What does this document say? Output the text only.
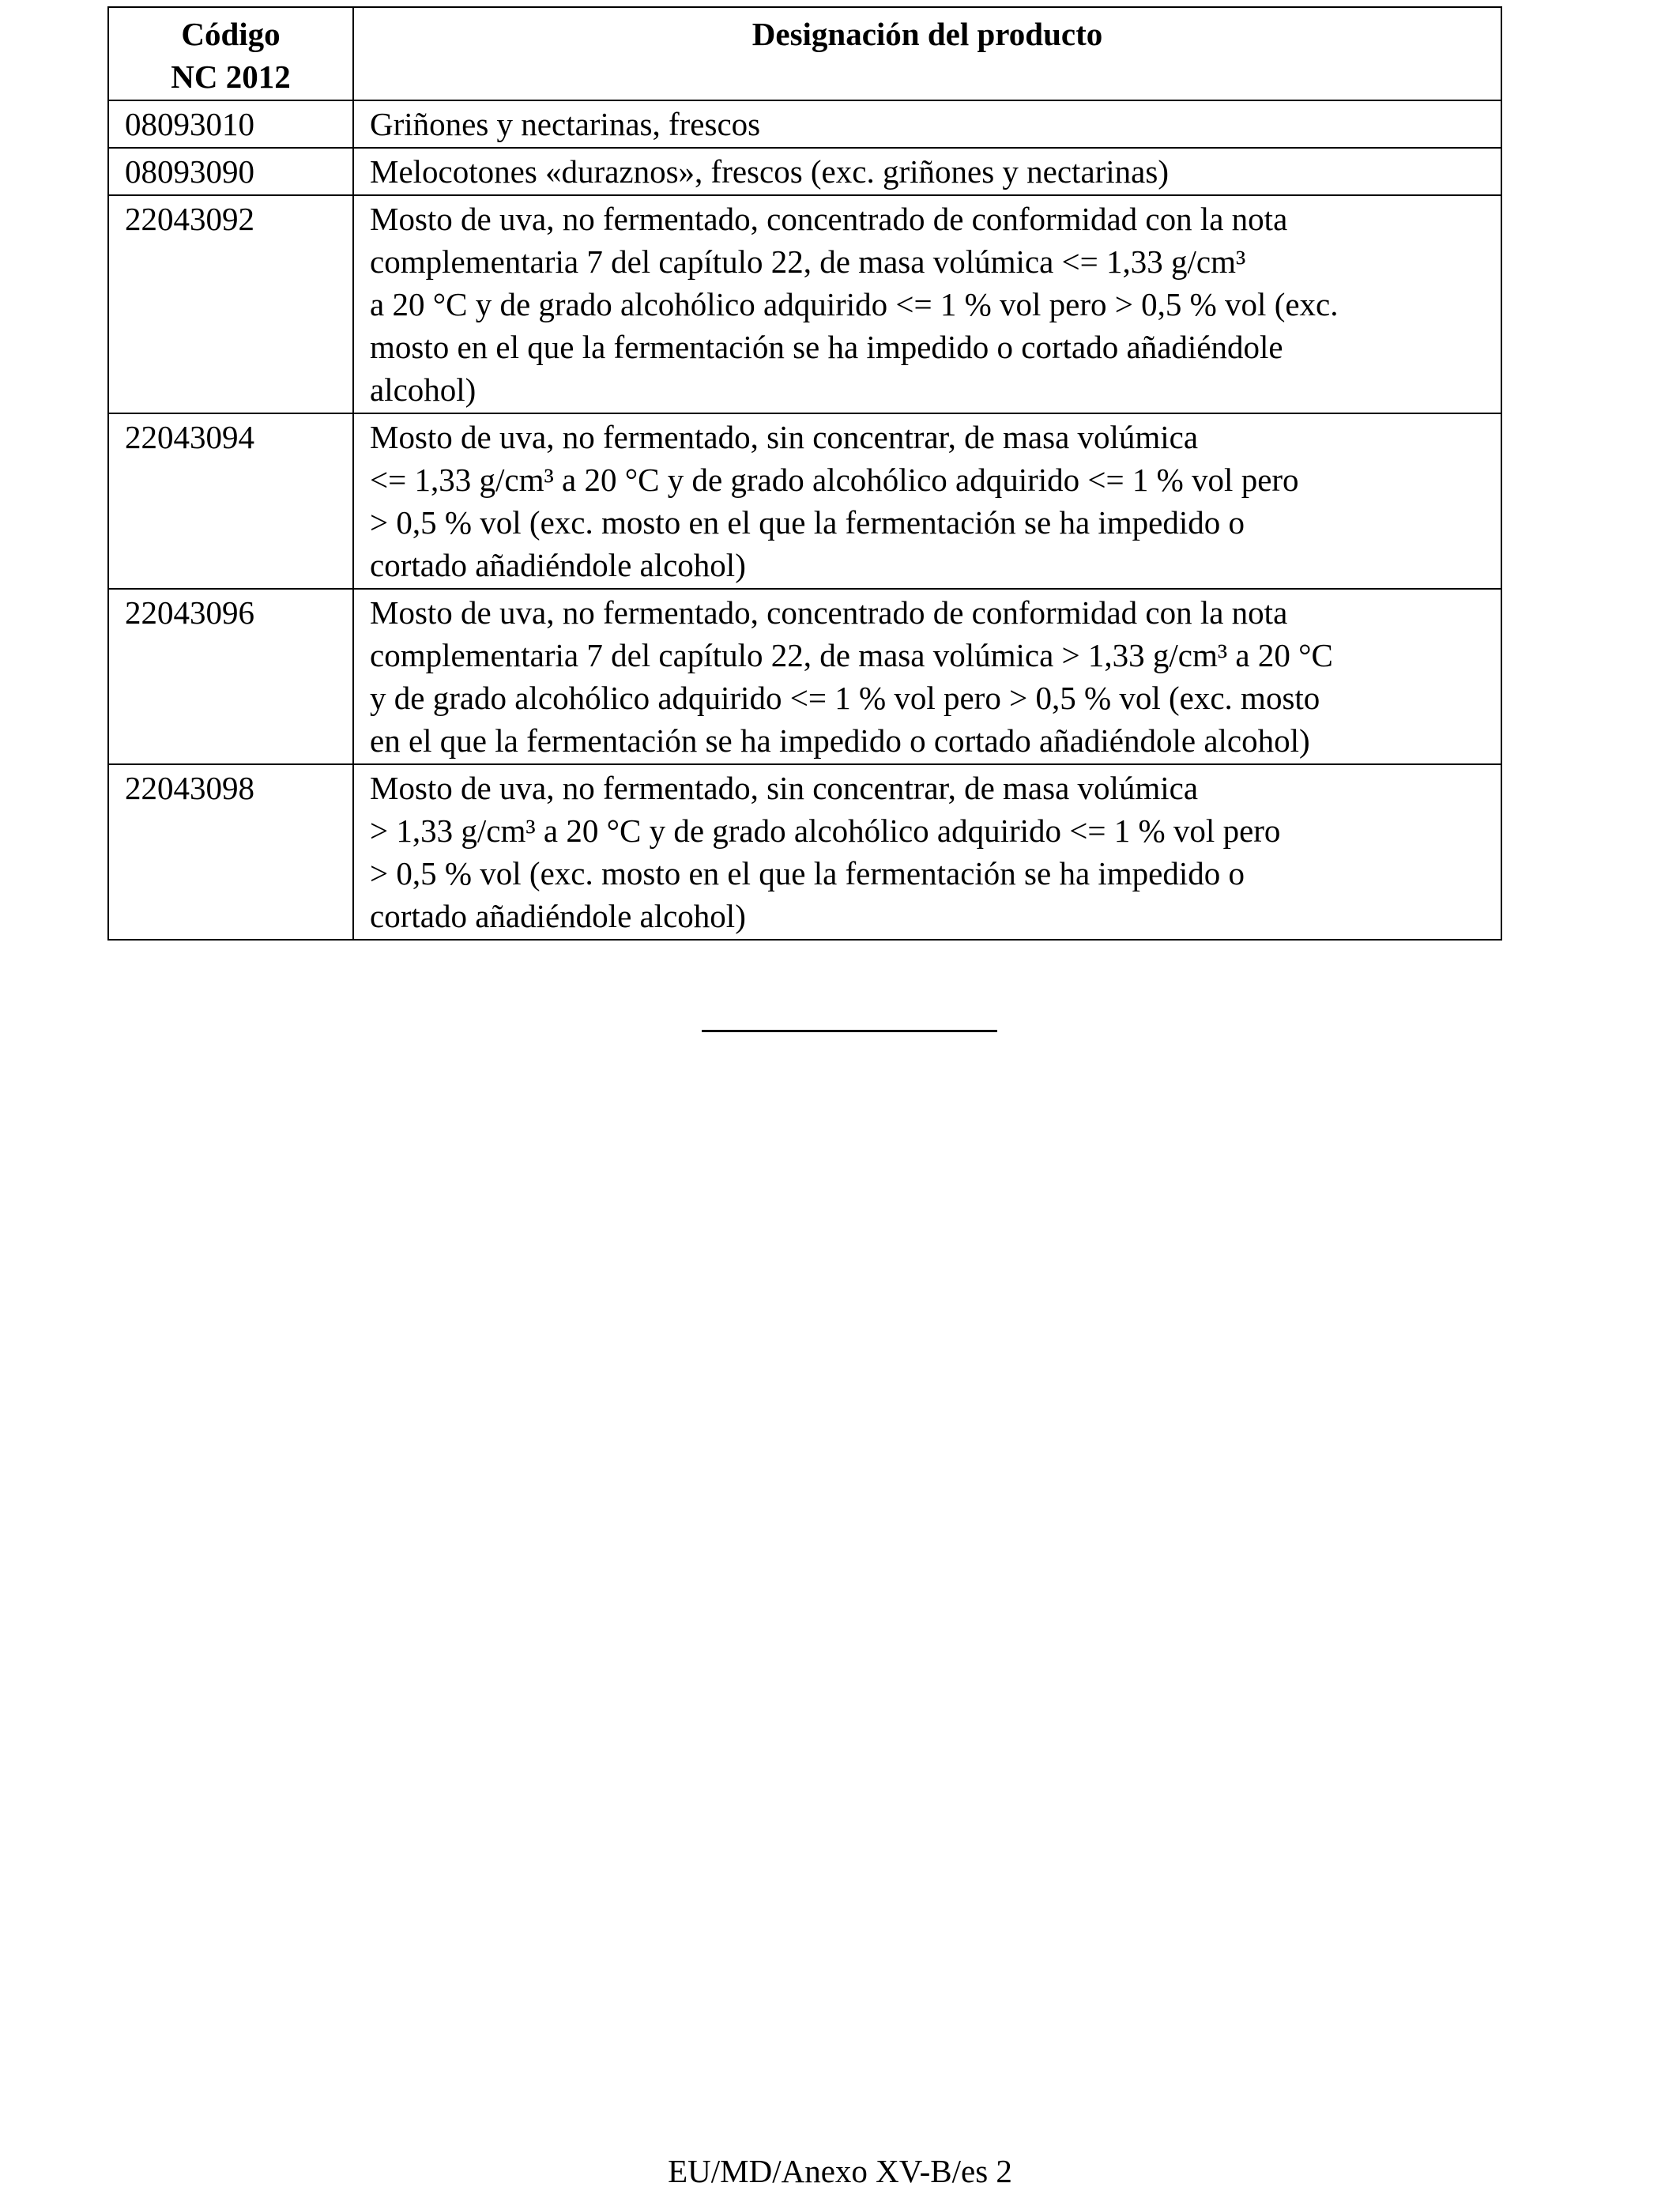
Código
NC 2012	Designación del producto
08093010	Griñones y nectarinas, frescos

08093090	Melocotones «duraznos», frescos (exc. griñones y nectarinas)

22043092	Mosto de uva, no fermentado, concentrado de conformidad con la nota
complementaria 7 del capítulo 22, de masa volúmica <= 1,33 g/cm³
a 20 °C y de grado alcohólico adquirido <= 1 % vol pero > 0,5 % vol (exc.
mosto en el que la fermentación se ha impedido o cortado añadiéndole
alcohol)

22043094	Mosto de uva, no fermentado, sin concentrar, de masa volúmica
<= 1,33 g/cm³ a 20 °C y de grado alcohólico adquirido <= 1 % vol pero
> 0,5 % vol (exc. mosto en el que la fermentación se ha impedido o
cortado añadiéndole alcohol)

22043096	Mosto de uva, no fermentado, concentrado de conformidad con la nota
complementaria 7 del capítulo 22, de masa volúmica > 1,33 g/cm³ a 20 °C
y de grado alcohólico adquirido <= 1 % vol pero > 0,5 % vol (exc. mosto
en el que la fermentación se ha impedido o cortado añadiéndole alcohol)

22043098	Mosto de uva, no fermentado, sin concentrar, de masa volúmica
> 1,33 g/cm³ a 20 °C y de grado alcohólico adquirido <= 1 % vol pero
> 0,5 % vol (exc. mosto en el que la fermentación se ha impedido o
cortado añadiéndole alcohol)
EU/MD/Anexo XV-B/es 2
